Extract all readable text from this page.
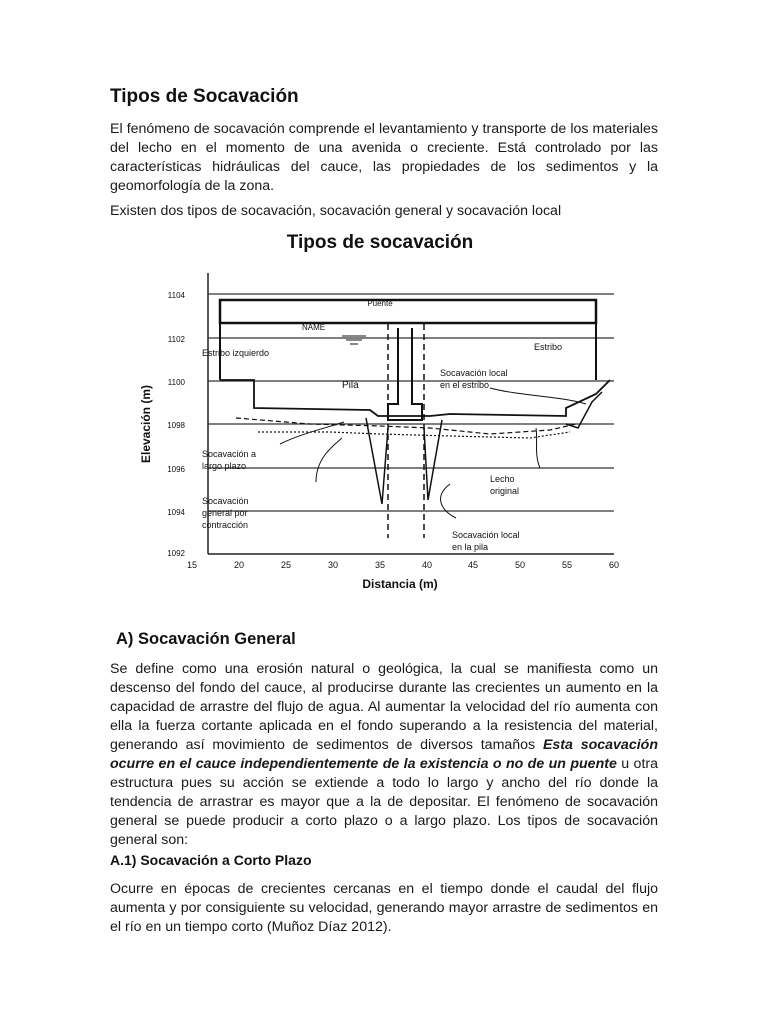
Tipos de Socavación

El fenómeno de socavación comprende el levantamiento y transporte de los materiales del lecho en el momento de una avenida o creciente. Está controlado por las características hidráulicas del cauce, las propiedades de los sedimentos y la geomorfología de la zona.

Existen dos tipos de socavación, socavación general y socavación local

Tipos de socavación
1104
1102
1100
1098
1096
1094
1092
15	20	25	30	35	40	45	50	55	60
Distancia (m)
Elevación (m)
Puente
Estribo izquierdo
Estribo
NAME
Pila
Socavación local
en el estribo
Socavación a
largo plazo
Lecho
original
Socavación
general por
contracción
Socavación local
en la pila
A) Socavación General

Se define como una erosión natural o geológica, la cual se manifiesta como un descenso del fondo del cauce, al producirse durante las crecientes un aumento en la capacidad de arrastre del flujo de agua. Al aumentar la velocidad del río aumenta con ella la fuerza cortante aplicada en el fondo superando a la resistencia del material, generando así movimiento de sedimentos de diversos tamaños Esta socavación ocurre en el cauce independientemente de la existencia o no de un puente u otra estructura pues su acción se extiende a todo lo largo y ancho del río donde la tendencia de arrastrar es mayor que a la de depositar. El fenómeno de socavación general se puede producir a corto plazo o a largo plazo. Los tipos de socavación general son:

A.1) Socavación a Corto Plazo

Ocurre en épocas de crecientes cercanas en el tiempo donde el caudal del flujo aumenta y por consiguiente su velocidad, generando mayor arrastre de sedimentos en el río en un tiempo corto (Muñoz Díaz 2012).
